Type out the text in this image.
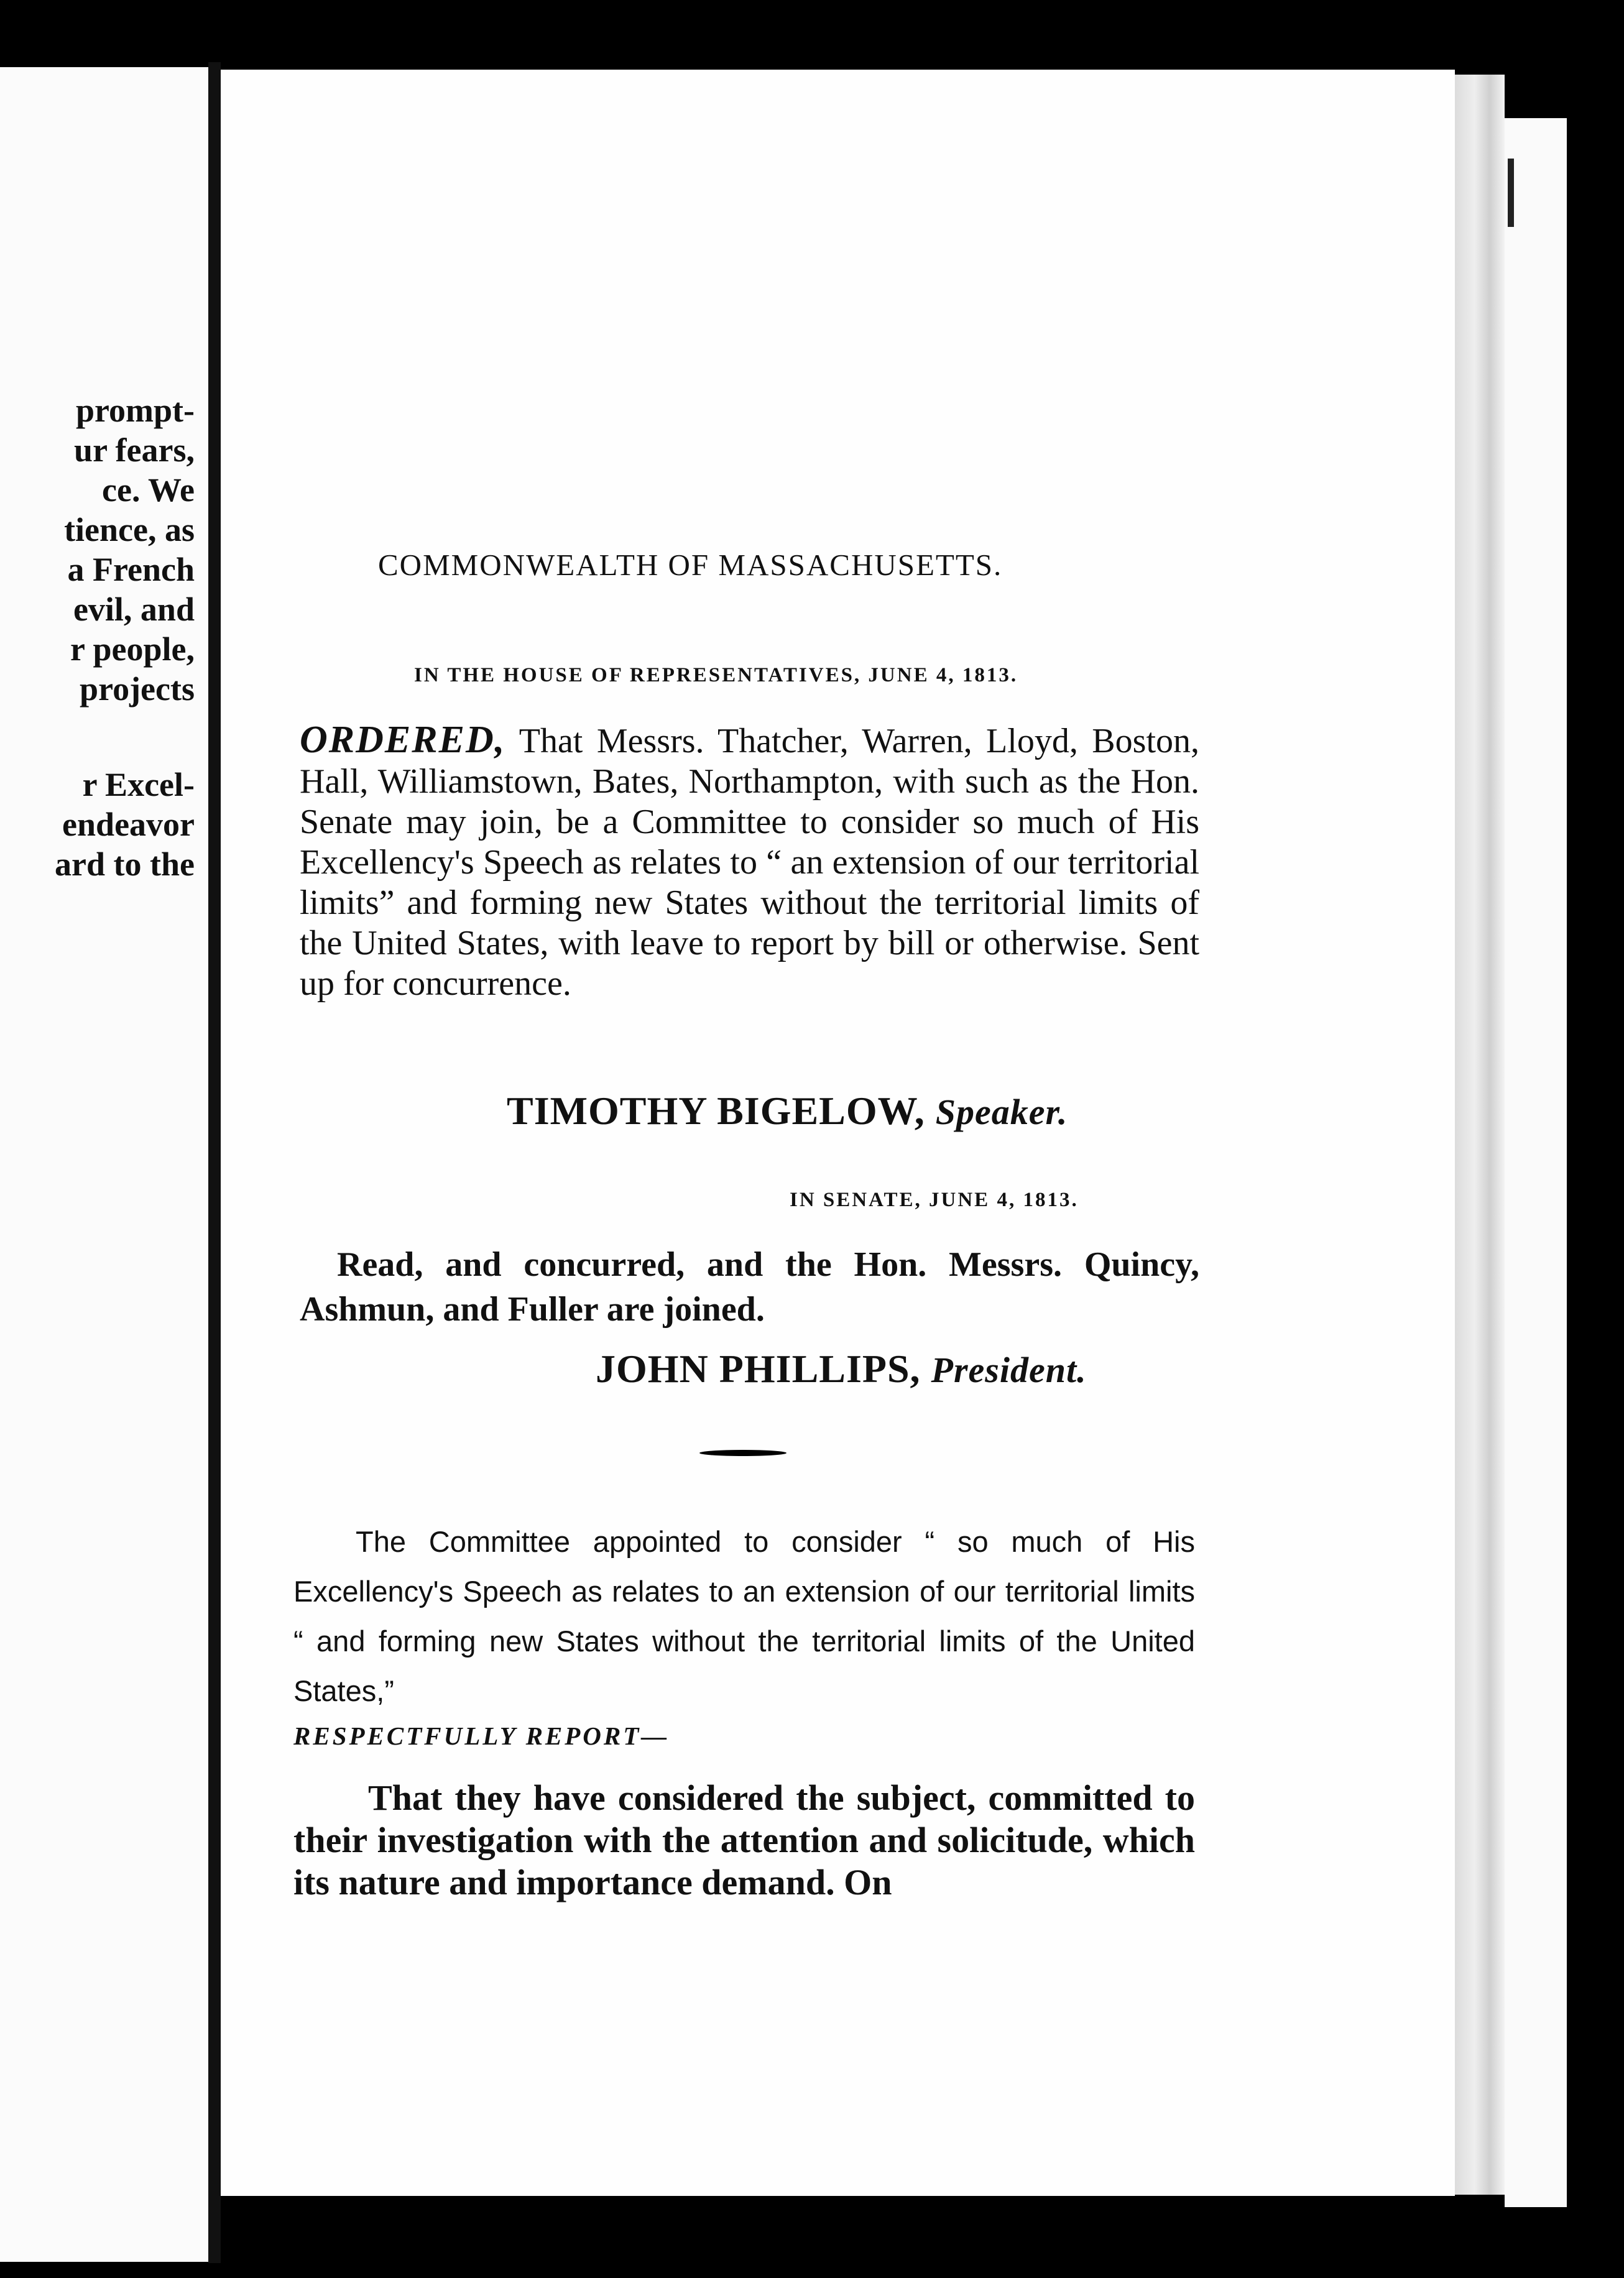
prompt-
ur fears,
ce. We
tience, as
a French
evil, and
r people,
projects
r Excel-
endeavor
ard to the
COMMONWEALTH OF MASSACHUSETTS.
IN THE HOUSE OF REPRESENTATIVES, JUNE 4, 1813.
ORDERED, That Messrs. Thatcher, Warren, Lloyd, Boston, Hall, Williamstown, Bates, Northampton, with such as the Hon. Senate may join, be a Committee to consider so much of His Excellency's Speech as relates to “ an extension of our territorial limits” and forming new States without the territorial limits of the United States, with leave to report by bill or otherwise. Sent up for concurrence.
TIMOTHY BIGELOW, Speaker.
IN SENATE, JUNE 4, 1813.
Read, and concurred, and the Hon. Messrs. Quincy, Ashmun, and Fuller are joined.
JOHN PHILLIPS, President.
The Committee appointed to consider “ so much of His Excellency's Speech as relates to an extension of our territorial limits “ and forming new States without the territorial limits of the United States,”
RESPECTFULLY REPORT—
That they have considered the subject, committed to their investigation with the attention and solicitude, which its nature and importance demand. On
